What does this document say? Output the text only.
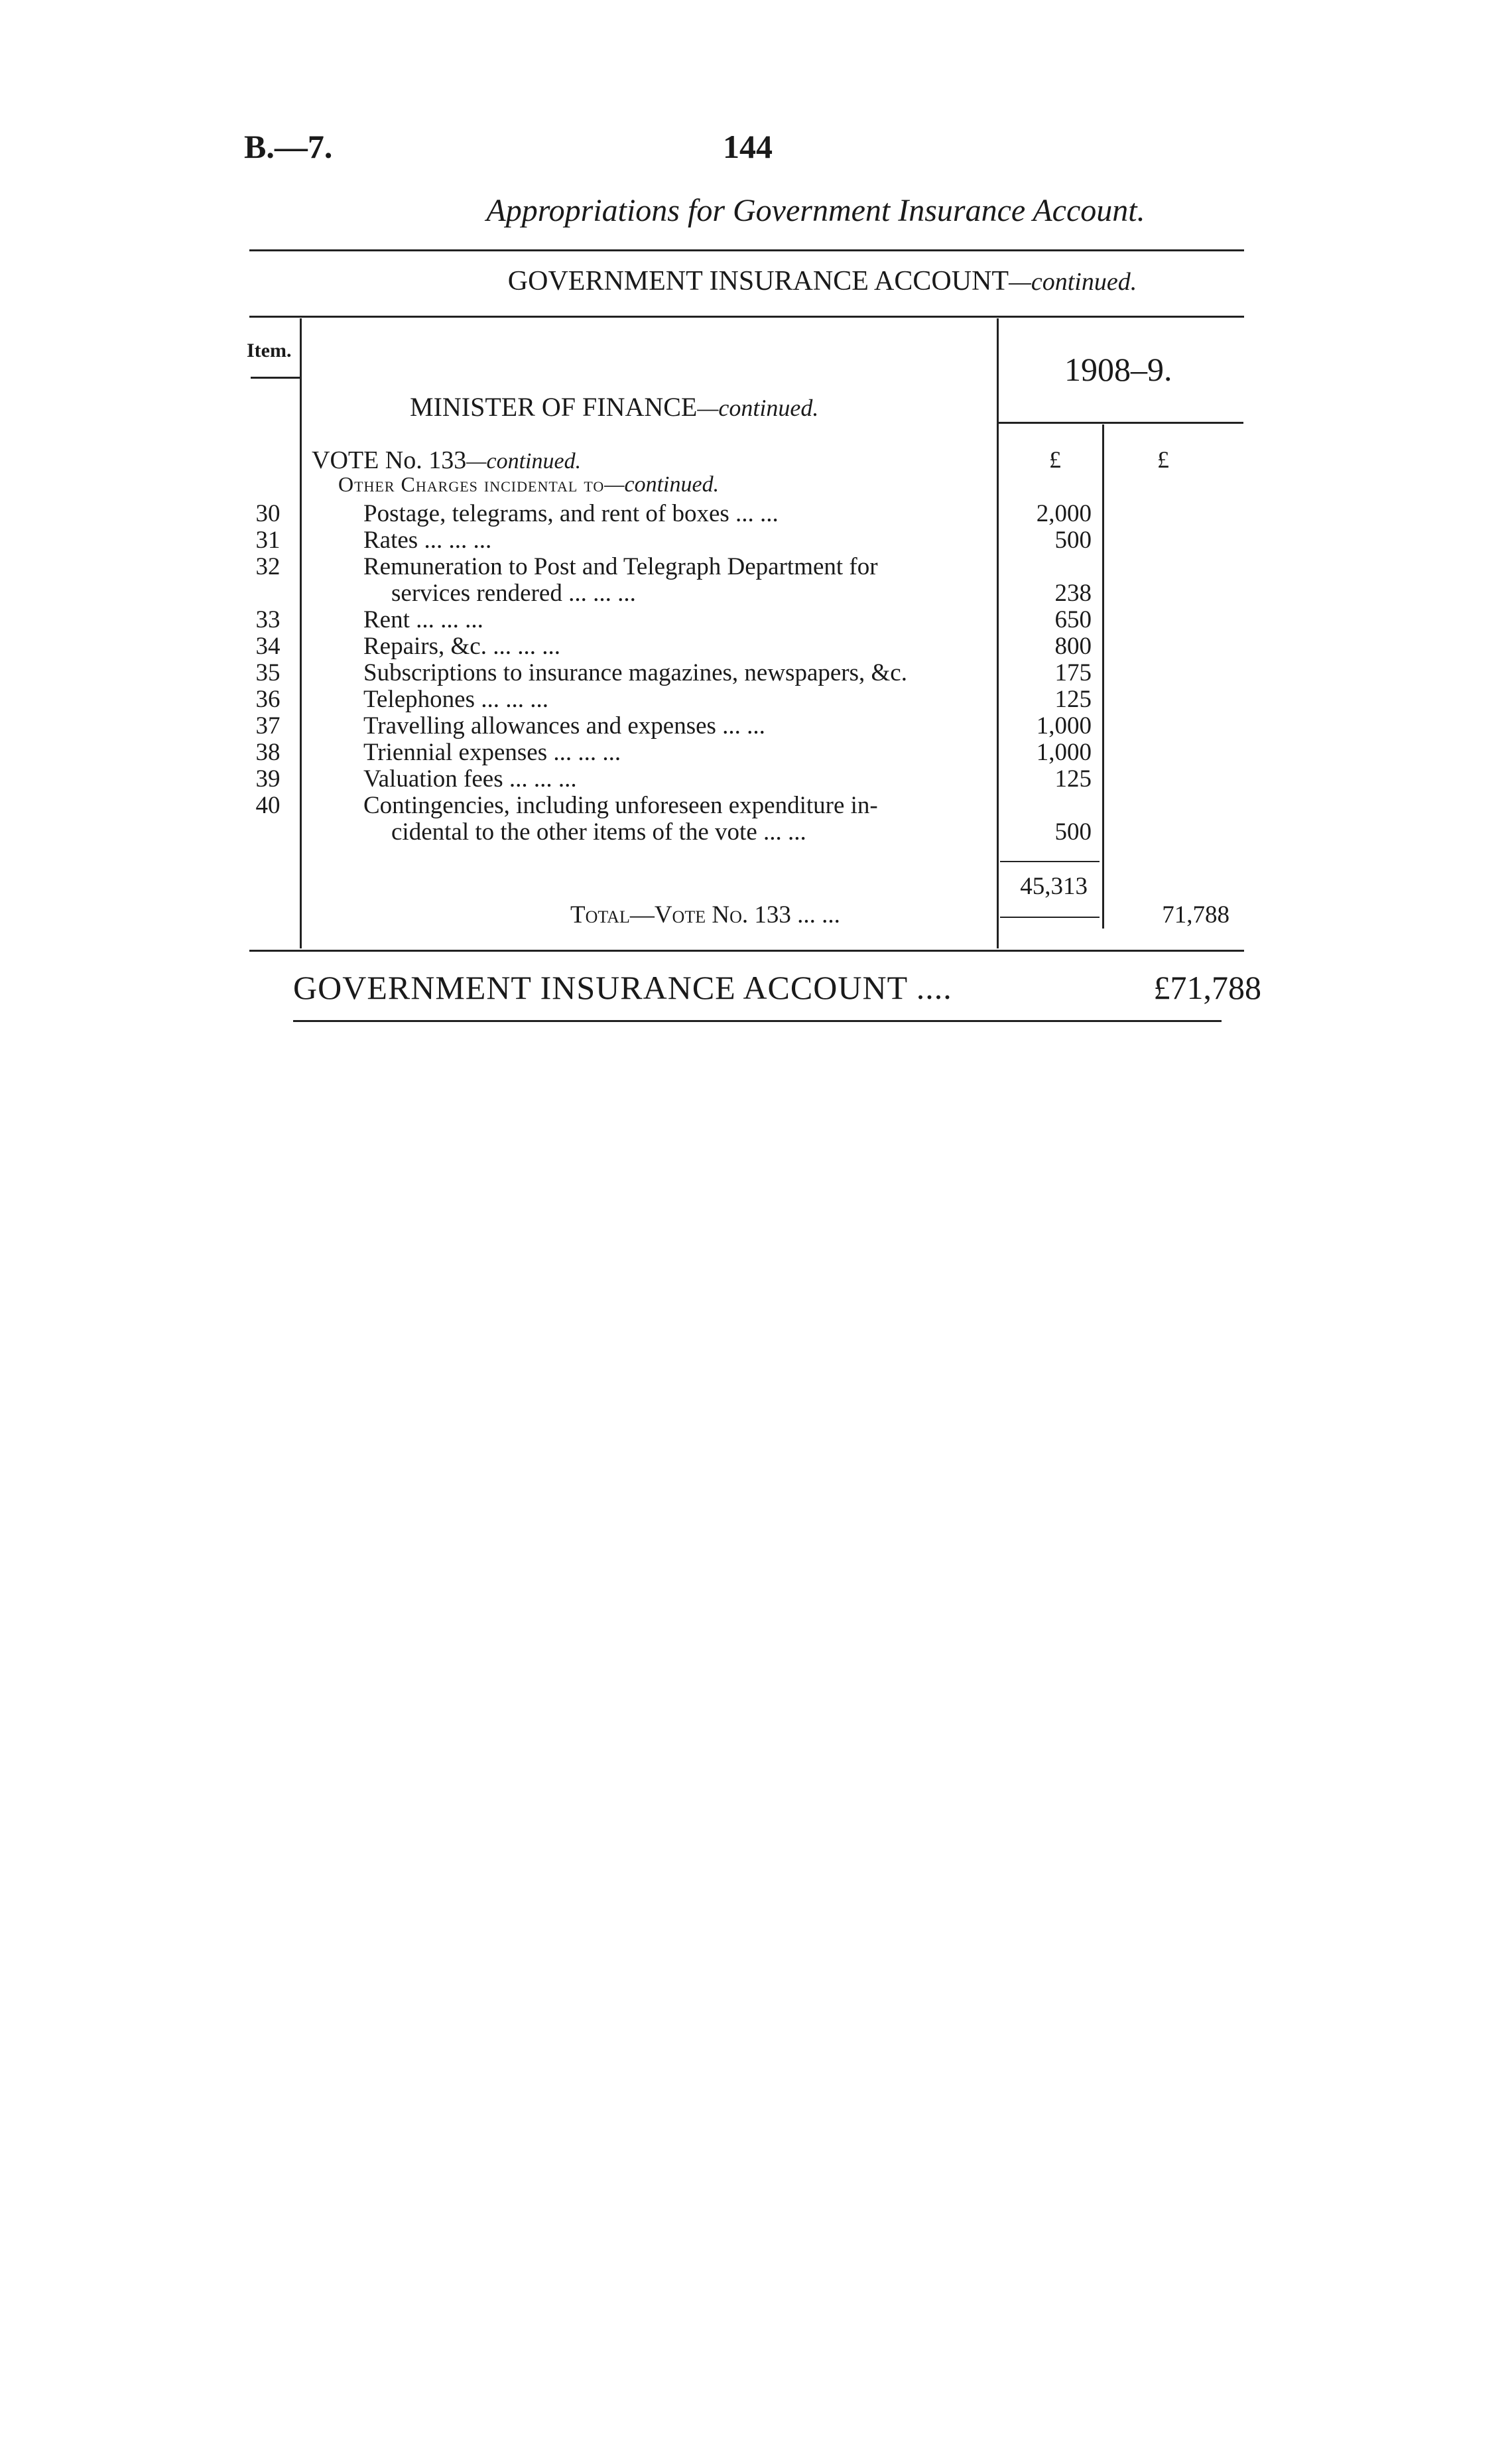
B.—7.	144
Appropriations for Government Insurance Account.
GOVERNMENT INSURANCE ACCOUNT—continued.
Item.
1908–9.
MINISTER OF FINANCE—continued.
VOTE No. 133—continued.
Other Charges incidental to—continued.
£	£
30	Postage, telegrams, and rent of boxes ... ...	2,000
31	Rates ... ... ...	500
32	Remuneration to Post and Telegraph Department for
services rendered ... ... ...	238
33	Rent ... ... ...	650
34	Repairs, &c. ... ... ...	800
35	Subscriptions to insurance magazines, newspapers, &c.	175
36	Telephones ... ... ...	125
37	Travelling allowances and expenses ... ...	1,000
38	Triennial expenses ... ... ...	1,000
39	Valuation fees ... ... ...	125
40	Contingencies, including unforeseen expenditure in-
cidental to the other items of the vote ... ...	500
45,313
Total—Vote No. 133 ... ...	71,788
GOVERNMENT INSURANCE ACCOUNT ....	£71,788
